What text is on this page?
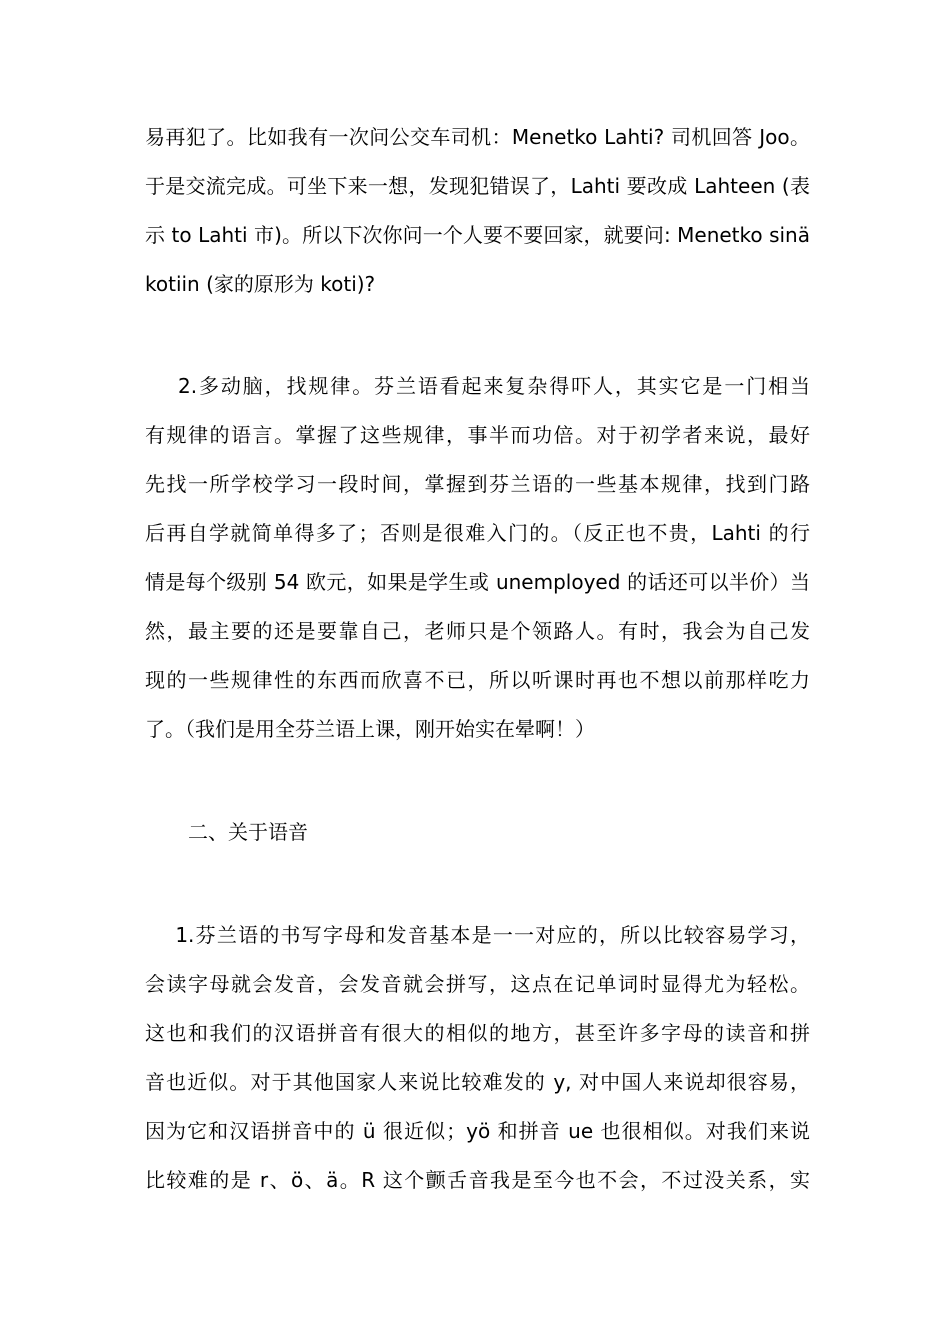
易再犯了。比如我有一次问公交车司机：Menetko Lahti? 司机回答 Joo。
于是交流完成。可坐下来一想，发现犯错误了，Lahti 要改成 Lahteen (表
示 to Lahti 市)。所以下次你问一个人要不要回家，就要问: Menetko sinä
kotiin (家的原形为 koti)?
2.多动脑，找规律。芬兰语看起来复杂得吓人，其实它是一门相当
有规律的语言。掌握了这些规律，事半而功倍。对于初学者来说，最好
先找一所学校学习一段时间，掌握到芬兰语的一些基本规律，找到门路
后再自学就简单得多了；否则是很难入门的。（反正也不贵，Lahti 的行
情是每个级别 54 欧元，如果是学生或 unemployed 的话还可以半价）当
然，最主要的还是要靠自己，老师只是个领路人。有时，我会为自己发
现的一些规律性的东西而欣喜不已，所以听课时再也不想以前那样吃力
了。（我们是用全芬兰语上课，刚开始实在晕啊！）
二、关于语音
1.芬兰语的书写字母和发音基本是一一对应的，所以比较容易学习，
会读字母就会发音，会发音就会拼写，这点在记单词时显得尤为轻松。
这也和我们的汉语拼音有很大的相似的地方，甚至许多字母的读音和拼
音也近似。对于其他国家人来说比较难发的 y, 对中国人来说却很容易，
因为它和汉语拼音中的 ü 很近似；yö 和拼音 ue 也很相似。对我们来说
比较难的是 r、ö、ä。R 这个颤舌音我是至今也不会，不过没关系，实
